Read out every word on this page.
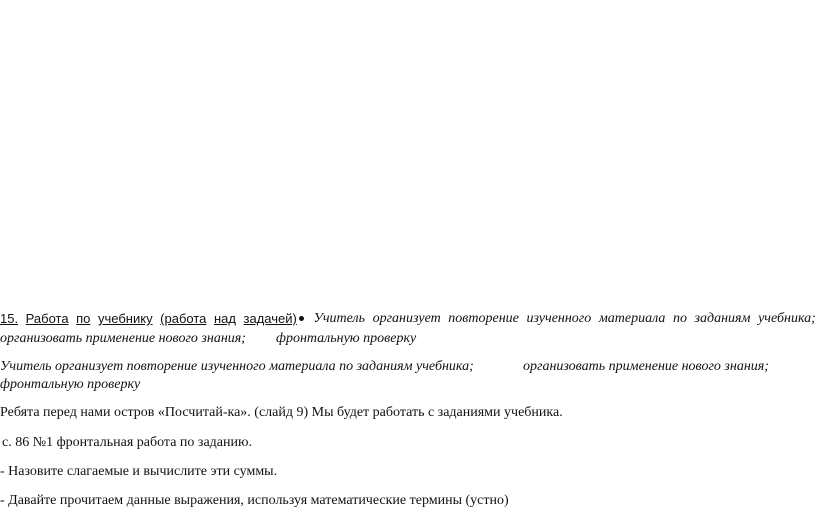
15. Работа по учебнику (работа над задачей)	Учитель организует повторение изученного материала по заданиям учебника;
организовать применение нового знания; фронтальную проверку
Учитель организует повторение изученного материала по заданиям учебника;	организовать применение нового знания;
фронтальную проверку
Ребята перед нами остров «Посчитай-ка». (слайд 9) Мы будет работать с заданиями учебника.
с. 86 №1 фронтальная работа по заданию.
- Назовите слагаемые и вычислите эти суммы.
- Давайте прочитаем данные выражения, используя математические термины (устно)
